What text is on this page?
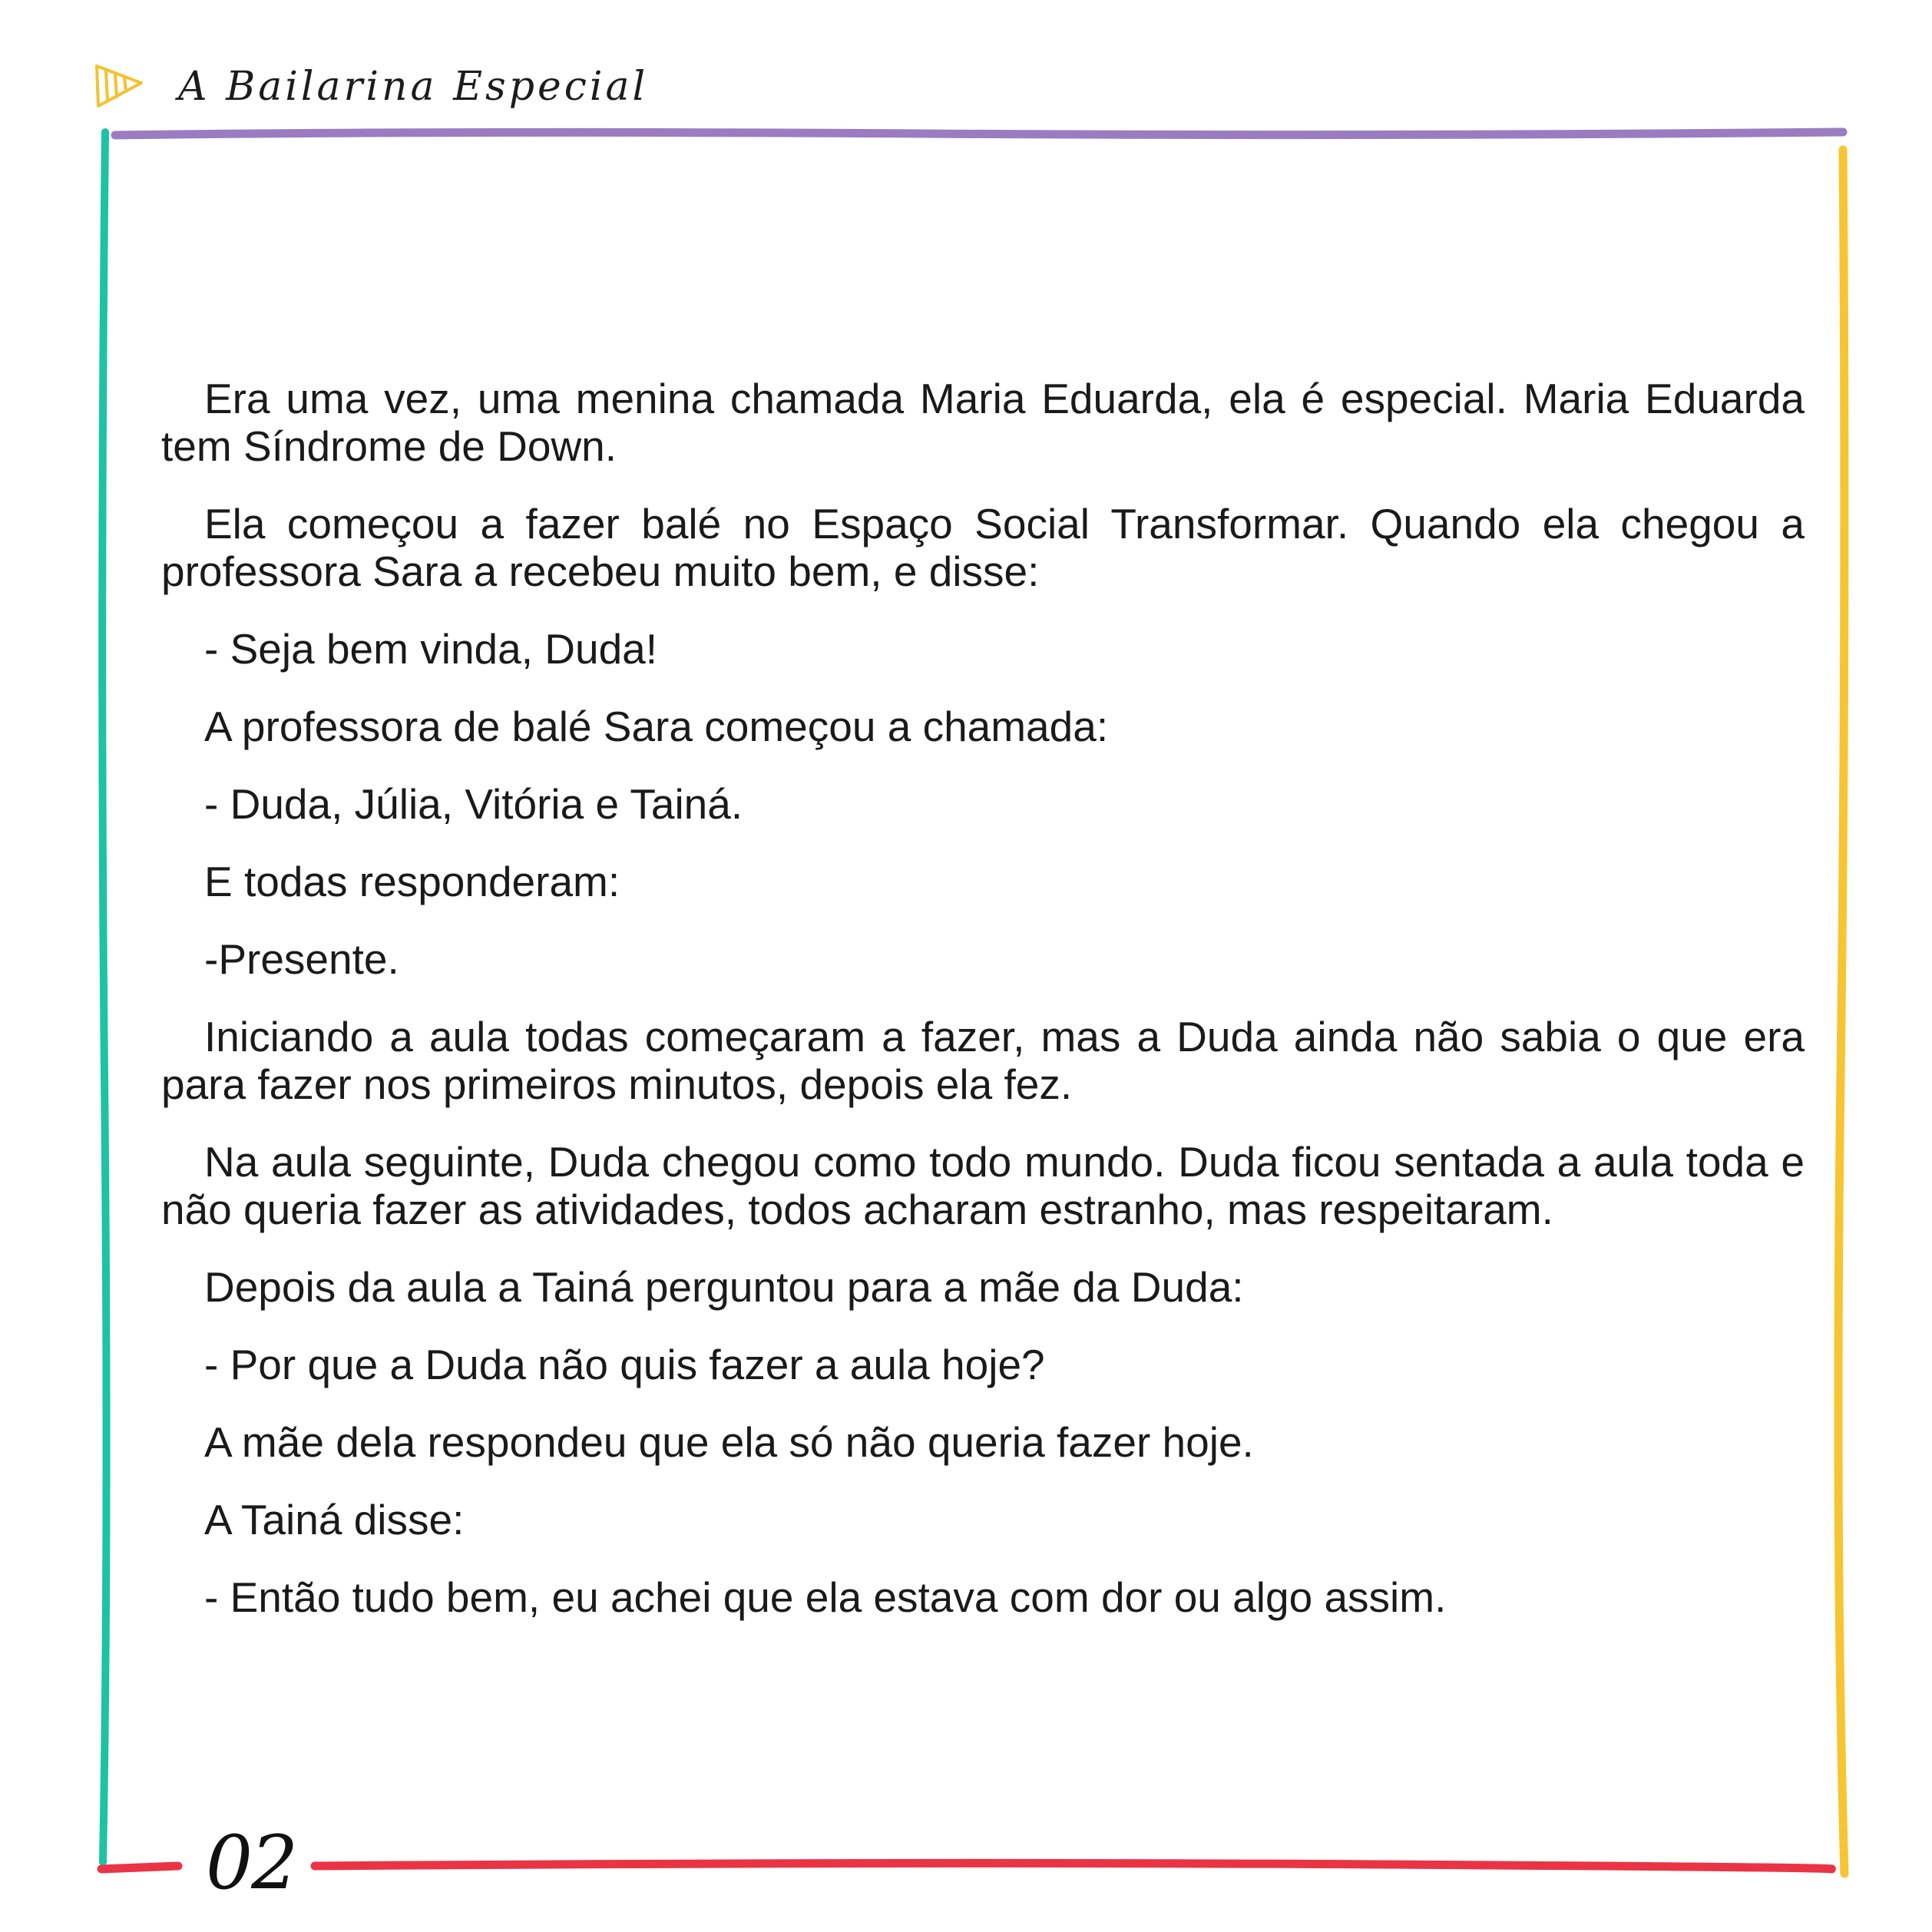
A Bailarina Especial

Era uma vez, uma menina chamada Maria Eduarda, ela é especial. Maria Eduarda tem Síndrome de Down.

Ela começou a fazer balé no Espaço Social Transformar. Quando ela chegou a professora Sara a recebeu muito bem, e disse:

- Seja bem vinda, Duda!

A professora de balé Sara começou a chamada:

- Duda, Júlia, Vitória e Tainá.

E todas responderam:

-Presente.

Iniciando a aula todas começaram a fazer, mas a Duda ainda não sabia o que era para fazer nos primeiros minutos, depois ela fez.

Na aula seguinte, Duda chegou como todo mundo. Duda ficou sentada a aula toda e não queria fazer as atividades, todos acharam estranho, mas respeitaram.

Depois da aula a Tainá perguntou para a mãe da Duda:

- Por que a Duda não quis fazer a aula hoje?

A mãe dela respondeu que ela só não queria fazer hoje.

A Tainá disse:

- Então tudo bem, eu achei que ela estava com dor ou algo assim.

02
